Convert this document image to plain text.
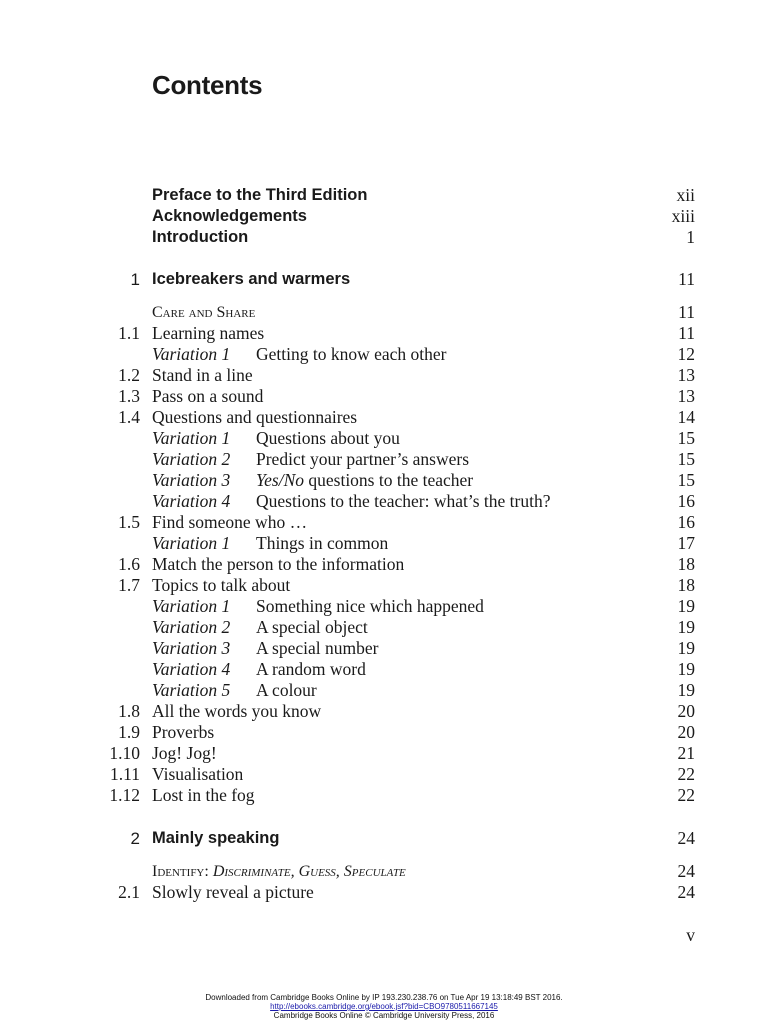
Contents
Preface to the Third Edition	xii
Acknowledgements	xiii
Introduction	1
1 Icebreakers and warmers	11
Care and Share	11
1.1 Learning names	11
Variation 1 Getting to know each other	12
1.2 Stand in a line	13
1.3 Pass on a sound	13
1.4 Questions and questionnaires	14
Variation 1 Questions about you	15
Variation 2 Predict your partner’s answers	15
Variation 3 Yes/No questions to the teacher	15
Variation 4 Questions to the teacher: what’s the truth?	16
1.5 Find someone who …	16
Variation 1 Things in common	17
1.6 Match the person to the information	18
1.7 Topics to talk about	18
Variation 1 Something nice which happened	19
Variation 2 A special object	19
Variation 3 A special number	19
Variation 4 A random word	19
Variation 5 A colour	19
1.8 All the words you know	20
1.9 Proverbs	20
1.10 Jog! Jog!	21
1.11 Visualisation	22
1.12 Lost in the fog	22
2 Mainly speaking	24
Identify: Discriminate, Guess, Speculate	24
2.1 Slowly reveal a picture	24
v
Downloaded from Cambridge Books Online by IP 193.230.238.76 on Tue Apr 19 13:18:49 BST 2016.
http://ebooks.cambridge.org/ebook.jsf?bid=CBO9780511667145
Cambridge Books Online © Cambridge University Press, 2016
